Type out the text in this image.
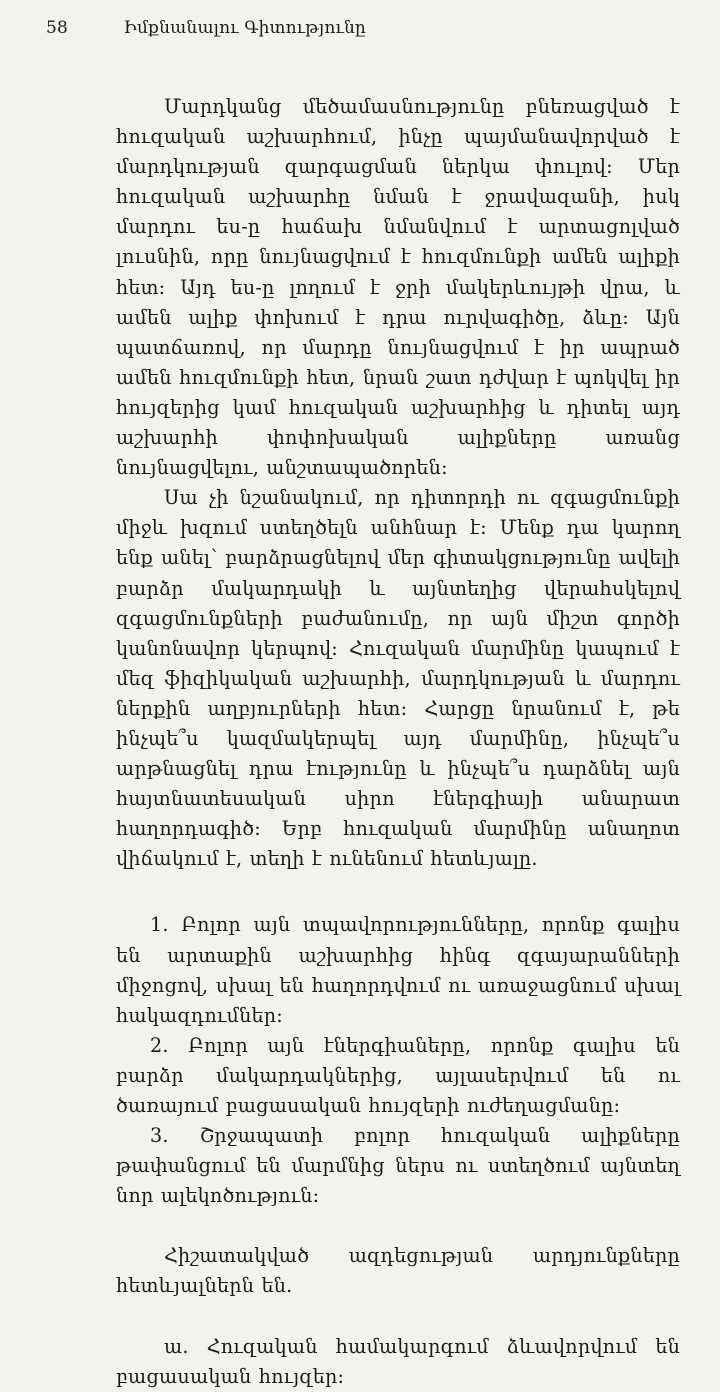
58	Իմքնանալու Գիտությունը

Մարդկանց մեծամասնությունը բնեռացված է հուզական աշխարհում, ինչը պայմանավորված է մարդկության զարգացման ներկա փուլով: Մեր հուզական աշխարհը նման է ջրավազանի, իսկ մարդու ես-ը հաճախ նմանվում է արտացոլված լուսնին, որը նույնացվում է հուզմունքի ամեն ալիքի հետ: Այդ ես-ը լողում է ջրի մակերևույթի վրա, և ամեն ալիք փոխում է դրա ուրվագիծը, ձևը: Այն պատճառով, որ մարդը նույնացվում է իր ապրած ամեն հուզմունքի հետ, նրան շատ դժվար է պոկվել իր հույզերից կամ հուզական աշխարհից և դիտել այդ աշխարհի փոփոխական ալիքները առանց նույնացվելու, անշտապածորեն:

Սա չի նշանակում, որ դիտորդի ու զգացմունքի միջև խզում ստեղծելն անհնար է: Մենք դա կարող ենք անել՝ բարձրացնելով մեր գիտակցությունը ավելի բարձր մակարդակի և այնտեղից վերահսկելով զգացմունքների բաժանումը, որ այն միշտ գործի կանոնավոր կերպով: Հուզական մարմինը կապում է մեզ ֆիզիկական աշխարհի, մարդկության և մարդու ներքին աղբյուրների հետ: Հարցը նրանում է, թե ինչպե՞ս կազմակերպել այդ մարմինը, ինչպե՞ս արթնացնել դրա էությունը և ինչպե՞ս դարձնել այն հայտնատեսական սիրո էներգիայի անարատ հաղորդագիծ: Երբ հուզական մարմինը անաղոտ վիճակում է, տեղի է ունենում հետևյալը.

1. Բոլոր այն տպավորությունները, որոնք գալիս են արտաքին աշխարհից հինգ զգայարանների միջոցով, սխալ են հաղորդվում ու առաջացնում սխալ հակազդումներ:

2. Բոլոր այն էներգիաները, որոնք գալիս են բարձր մակարդակներից, այլասերվում են ու ծառայում բացասական հույզերի ուժեղացմանը:

3. Շրջապատի բոլոր հուզական ալիքները թափանցում են մարմնից ներս ու ստեղծում այնտեղ նոր ալեկոծություն:

Հիշատակված ազդեցության արդյունքները հետևյալներն են.

ա. Հուզական համակարգում ձևավորվում են բացասական հույզեր:
